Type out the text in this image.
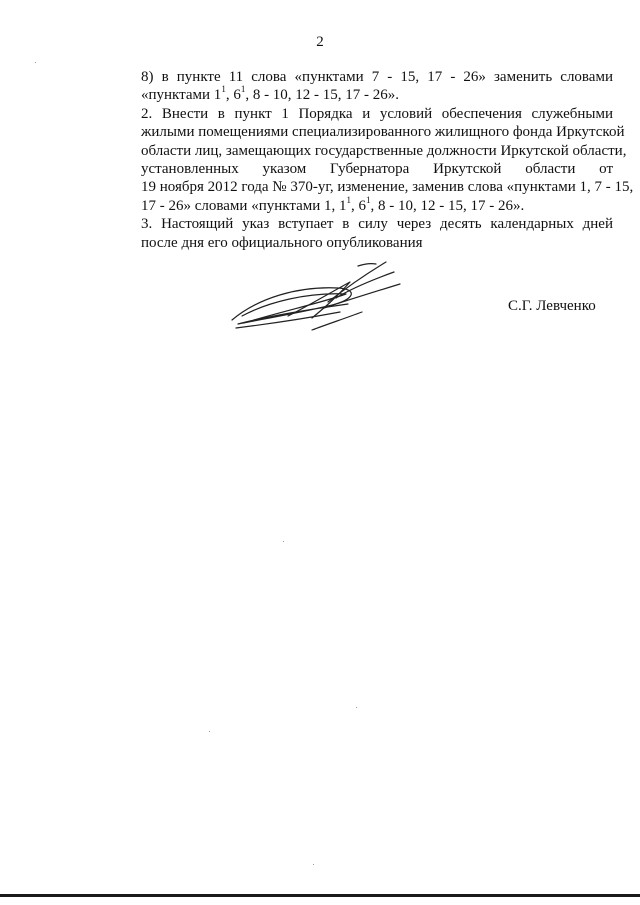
2
8) в пункте 11 слова «пунктами 7 - 15, 17 - 26» заменить словами
«пунктами $1^1$, $6^1$, 8 - 10, 12 - 15, 17 - 26».
2. Внести в пункт 1 Порядка и условий обеспечения служебными
жилыми помещениями специализированного жилищного фонда Иркутской
области лиц, замещающих государственные должности Иркутской области,
установленных указом Губернатора Иркутской области от
19 ноября 2012 года № 370-уг, изменение, заменив слова «пунктами 1, 7 - 15,
17 - 26» словами «пунктами 1, $1^1$, $6^1$, 8 - 10, 12 - 15, 17 - 26».
3. Настоящий указ вступает в силу через десять календарных дней
после дня его официального опубликования
С.Г. Левченко
